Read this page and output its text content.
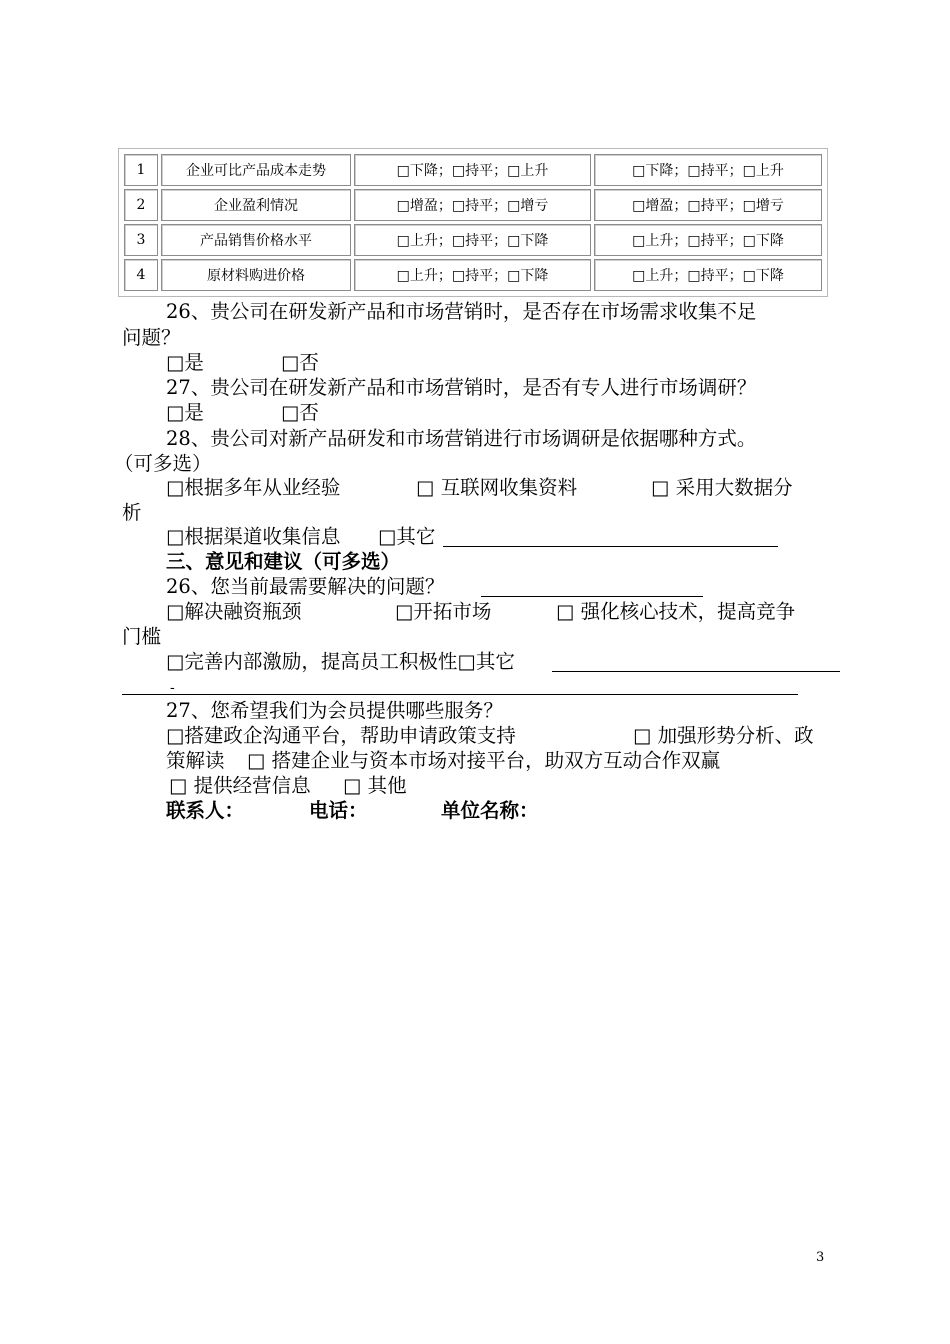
1	企业可比产品成本走势	□下降；□持平；□上升	□下降；□持平；□上升
2	企业盈利情况	□增盈；□持平；□增亏	□增盈；□持平；□增亏
3	产品销售价格水平	□上升；□持平；□下降	□上升；□持平；□下降
4	原材料购进价格	□上升；□持平；□下降	□上升；□持平；□下降
26、贵公司在研发新产品和市场营销时，是否存在市场需求收集不足
问题？
□是	□否
27、贵公司在研发新产品和市场营销时，是否有专人进行市场调研？
□是	□否
28、贵公司对新产品研发和市场营销进行市场调研是依据哪种方式。
（可多选）
□根据多年从业经验	□ 互联网收集资料	□ 采用大数据分
析
□根据渠道收集信息 □其它
三、意见和建议（可多选）
26、您当前最需要解决的问题？
□解决融资瓶颈	□开拓市场	□ 强化核心技术，提高竞争
门槛
□完善内部激励，提高员工积极性□其它
-
27、您希望我们为会员提供哪些服务？
□搭建政企沟通平台，帮助申请政策支持	□ 加强形势分析、政
策解读 □ 搭建企业与资本市场对接平台，助双方互动合作双赢
□ 提供经营信息 □ 其他
联系人：	电话：	单位名称：
3
